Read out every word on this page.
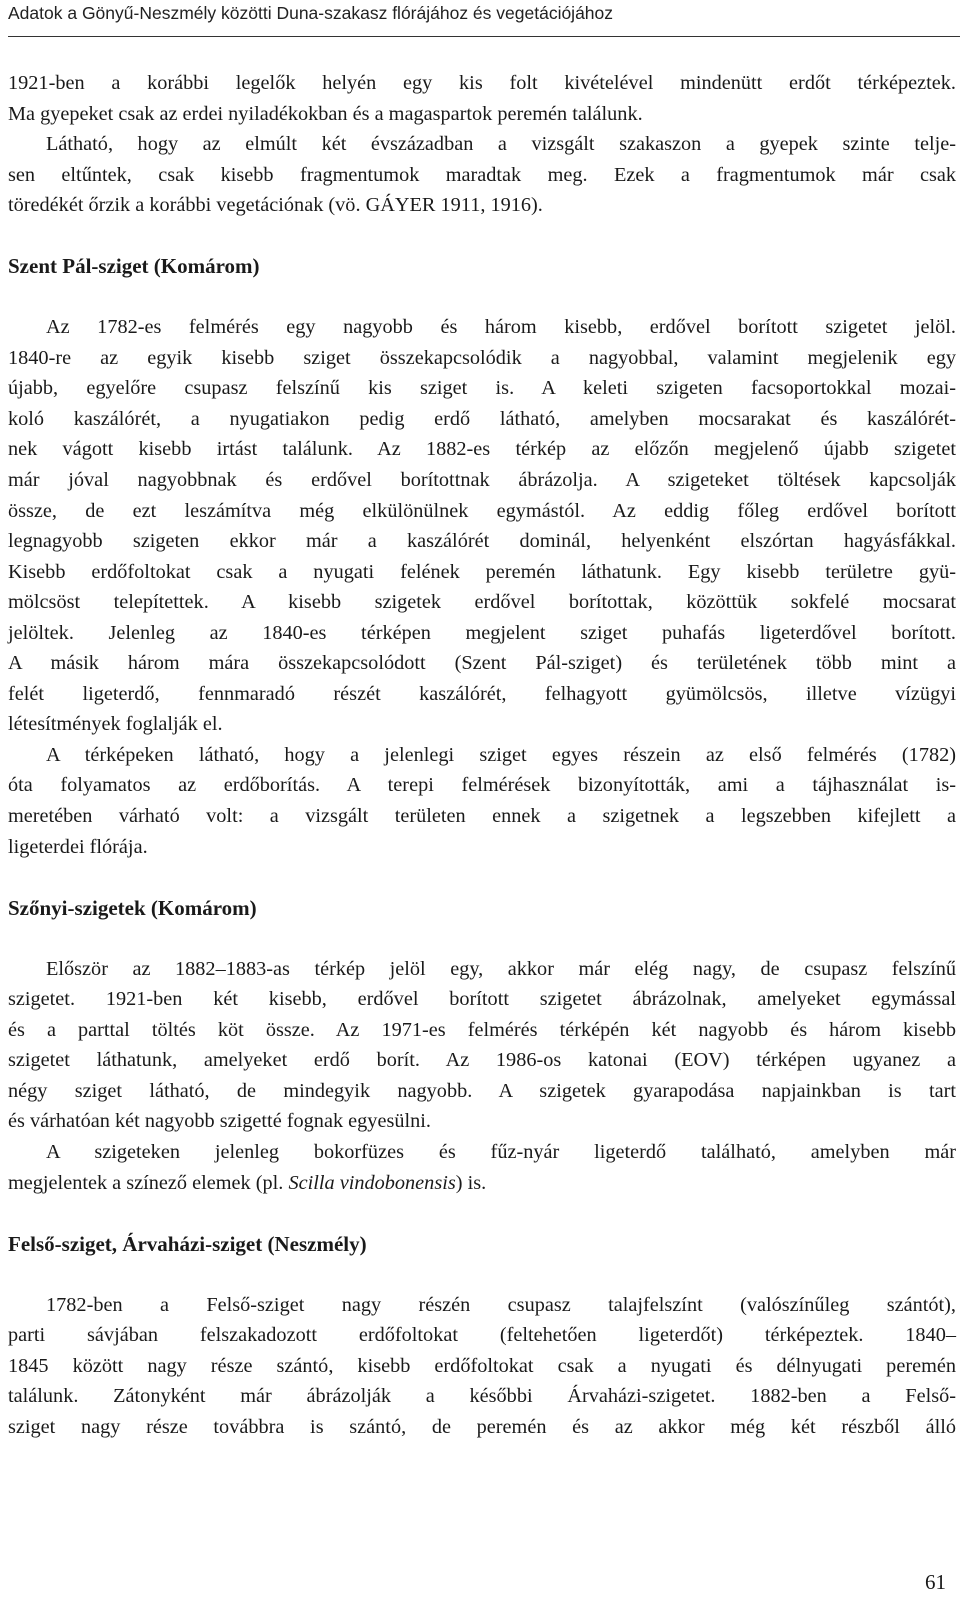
Adatok a Gönyű-Neszmély közötti Duna-szakasz flórájához és vegetációjához
1921-ben a korábbi legelők helyén egy kis folt kivételével mindenütt erdőt térképeztek.
Ma gyepeket csak az erdei nyiladékokban és a magaspartok peremén találunk.
Látható, hogy az elmúlt két évszázadban a vizsgált szakaszon a gyepek szinte telje-
sen eltűntek, csak kisebb fragmentumok maradtak meg. Ezek a fragmentumok már csak
töredékét őrzik a korábbi vegetációnak (vö. GÁYER 1911, 1916).
Szent Pál-sziget (Komárom)
Az 1782-es felmérés egy nagyobb és három kisebb, erdővel borított szigetet jelöl.
1840-re az egyik kisebb sziget összekapcsolódik a nagyobbal, valamint megjelenik egy
újabb, egyelőre csupasz felszínű kis sziget is. A keleti szigeten facsoportokkal mozai-
koló kaszálórét, a nyugatiakon pedig erdő látható, amelyben mocsarakat és kaszálórét-
nek vágott kisebb irtást találunk. Az 1882-es térkép az előzőn megjelenő újabb szigetet
már jóval nagyobbnak és erdővel borítottnak ábrázolja. A szigeteket töltések kapcsolják
össze, de ezt leszámítva még elkülönülnek egymástól. Az eddig főleg erdővel borított
legnagyobb szigeten ekkor már a kaszálórét dominál, helyenként elszórtan hagyásfákkal.
Kisebb erdőfoltokat csak a nyugati felének peremén láthatunk. Egy kisebb területre gyü-
mölcsöst telepítettek. A kisebb szigetek erdővel borítottak, közöttük sokfelé mocsarat
jelöltek. Jelenleg az 1840-es térképen megjelent sziget puhafás ligeterdővel borított.
A másik három mára összekapcsolódott (Szent Pál-sziget) és területének több mint a
felét ligeterdő, fennmaradó részét kaszálórét, felhagyott gyümölcsös, illetve vízügyi
létesítmények foglalják el.
A térképeken látható, hogy a jelenlegi sziget egyes részein az első felmérés (1782)
óta folyamatos az erdőborítás. A terepi felmérések bizonyították, ami a tájhasználat is-
meretében várható volt: a vizsgált területen ennek a szigetnek a legszebben kifejlett a
ligeterdei flórája.
Szőnyi-szigetek (Komárom)
Először az 1882–1883-as térkép jelöl egy, akkor már elég nagy, de csupasz felszínű
szigetet. 1921-ben két kisebb, erdővel borított szigetet ábrázolnak, amelyeket egymással
és a parttal töltés köt össze. Az 1971-es felmérés térképén két nagyobb és három kisebb
szigetet láthatunk, amelyeket erdő borít. Az 1986-os katonai (EOV) térképen ugyanez a
négy sziget látható, de mindegyik nagyobb. A szigetek gyarapodása napjainkban is tart
és várhatóan két nagyobb szigetté fognak egyesülni.
A szigeteken jelenleg bokorfüzes és fűz-nyár ligeterdő található, amelyben már
megjelentek a színező elemek (pl. Scilla vindobonensis) is.
Felső-sziget, Árvaházi-sziget (Neszmély)
1782-ben a Felső-sziget nagy részén csupasz talajfelszínt (valószínűleg szántót),
parti sávjában felszakadozott erdőfoltokat (feltehetően ligeterdőt) térképeztek. 1840–
1845 között nagy része szántó, kisebb erdőfoltokat csak a nyugati és délnyugati peremén
találunk. Zátonyként már ábrázolják a későbbi Árvaházi-szigetet. 1882-ben a Felső-
sziget nagy része továbbra is szántó, de peremén és az akkor még két részből álló
61
